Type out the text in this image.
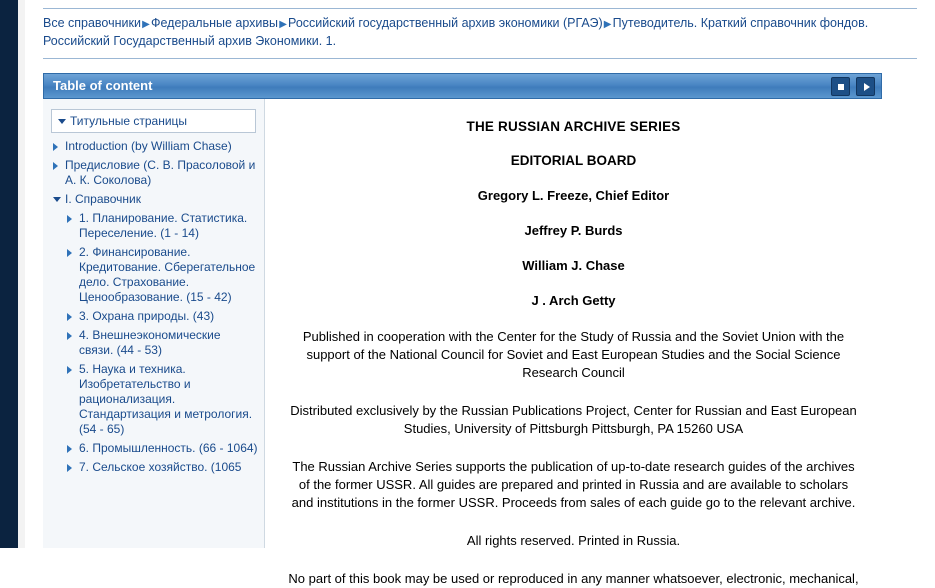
Все справочники▶Федеральные архивы▶Российский государственный архив экономики (РГАЭ)▶Путеводитель. Краткий справочник фондов. Российский Государственный архив Экономики. 1.
Table of content
Титульные страницы
Introduction (by William Chase)
Предисловие (С. В. Прасоловой и А. К. Соколова)
I. Справочник
1. Планирование. Статистика. Переселение. (1 - 14)
2. Финансирование. Кредитование. Сберегательное дело. Страхование. Ценообразование. (15 - 42)
3. Охрана природы. (43)
4. Внешнеэкономические связи. (44 - 53)
5. Наука и техника. Изобретательство и рационализация. Стандартизация и метрология. (54 - 65)
6. Промышленность. (66 - 1064)
7. Сельское хозяйство. (1065
THE RUSSIAN ARCHIVE SERIES
EDITORIAL BOARD
Gregory L. Freeze, Chief Editor
Jeffrey P. Burds
William J. Chase
J . Arch Getty
Published in cooperation with the Center for the Study of Russia and the Soviet Union with the support of the National Council for Soviet and East European Studies and the Social Science Research Council
Distributed exclusively by the Russian Publications Project, Center for Russian and East European Studies, University of Pittsburgh Pittsburgh, PA 15260 USA
The Russian Archive Series supports the publication of up-to-date research guides of the archives of the former USSR. All guides are prepared and printed in Russia and are available to scholars and institutions in the former USSR. Proceeds from sales of each guide go to the relevant archive.
All rights reserved. Printed in Russia.
No part of this book may be used or reproduced in any manner whatsoever, electronic, mechanical,
